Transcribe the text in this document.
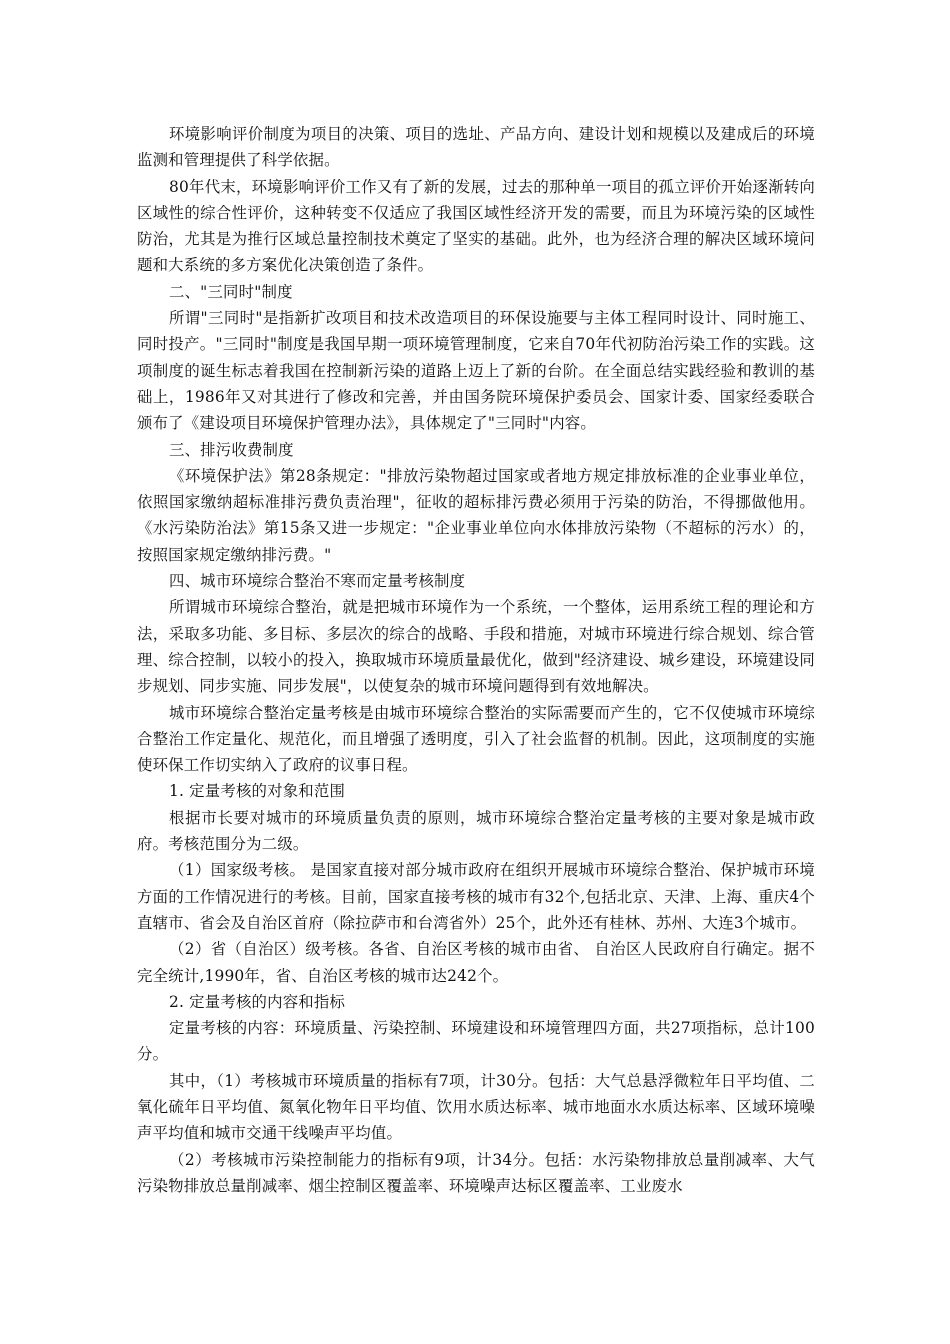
环境影响评价制度为项目的决策、项目的选址、产品方向、建设计划和规模以及建成后的环境监测和管理提供了科学依据。

80年代末，环境影响评价工作又有了新的发展，过去的那种单一项目的孤立评价开始逐渐转向区域性的综合性评价，这种转变不仅适应了我国区域性经济开发的需要，而且为环境污染的区域性防治，尤其是为推行区域总量控制技术奠定了坚实的基础。此外，也为经济合理的解决区域环境问题和大系统的多方案优化决策创造了条件。

二、"三同时"制度

所谓"三同时"是指新扩改项目和技术改造项目的环保设施要与主体工程同时设计、同时施工、同时投产。"三同时"制度是我国早期一项环境管理制度，它来自70年代初防治污染工作的实践。这项制度的诞生标志着我国在控制新污染的道路上迈上了新的台阶。在全面总结实践经验和教训的基础上，1986年又对其进行了修改和完善，并由国务院环境保护委员会、国家计委、国家经委联合颁布了《建设项目环境保护管理办法》，具体规定了"三同时"内容。

三、排污收费制度

《环境保护法》第28条规定："排放污染物超过国家或者地方规定排放标准的企业事业单位，依照国家缴纳超标准排污费负责治理"，征收的超标排污费必须用于污染的防治，不得挪做他用。《水污染防治法》第15条又进一步规定："企业事业单位向水体排放污染物（不超标的污水）的，按照国家规定缴纳排污费。"

四、城市环境综合整治不寒而定量考核制度

所谓城市环境综合整治，就是把城市环境作为一个系统，一个整体，运用系统工程的理论和方法，采取多功能、多目标、多层次的综合的战略、手段和措施，对城市环境进行综合规划、综合管理、综合控制，以较小的投入，换取城市环境质量最优化，做到"经济建设、城乡建设，环境建设同步规划、同步实施、同步发展"，以使复杂的城市环境问题得到有效地解决。

城市环境综合整治定量考核是由城市环境综合整治的实际需要而产生的，它不仅使城市环境综合整治工作定量化、规范化，而且增强了透明度，引入了社会监督的机制。因此，这项制度的实施使环保工作切实纳入了政府的议事日程。

1. 定量考核的对象和范围

根据市长要对城市的环境质量负责的原则，城市环境综合整治定量考核的主要对象是城市政府。考核范围分为二级。

（1）国家级考核。 是国家直接对部分城市政府在组织开展城市环境综合整治、保护城市环境方面的工作情况进行的考核。目前，国家直接考核的城市有32个,包括北京、天津、上海、重庆4个直辖市、省会及自治区首府（除拉萨市和台湾省外）25个，此外还有桂林、苏州、大连3个城市。

（2）省（自治区）级考核。各省、自治区考核的城市由省、 自治区人民政府自行确定。据不完全统计,1990年，省、自治区考核的城市达242个。

2. 定量考核的内容和指标

定量考核的内容：环境质量、污染控制、环境建设和环境管理四方面，共27项指标，总计100分。

其中，（1）考核城市环境质量的指标有7项，计30分。包括：大气总悬浮微粒年日平均值、二氧化硫年日平均值、氮氧化物年日平均值、饮用水质达标率、城市地面水水质达标率、区域环境噪声平均值和城市交通干线噪声平均值。

（2）考核城市污染控制能力的指标有9项，计34分。包括：水污染物排放总量削减率、大气污染物排放总量削减率、烟尘控制区覆盖率、环境噪声达标区覆盖率、工业废水
